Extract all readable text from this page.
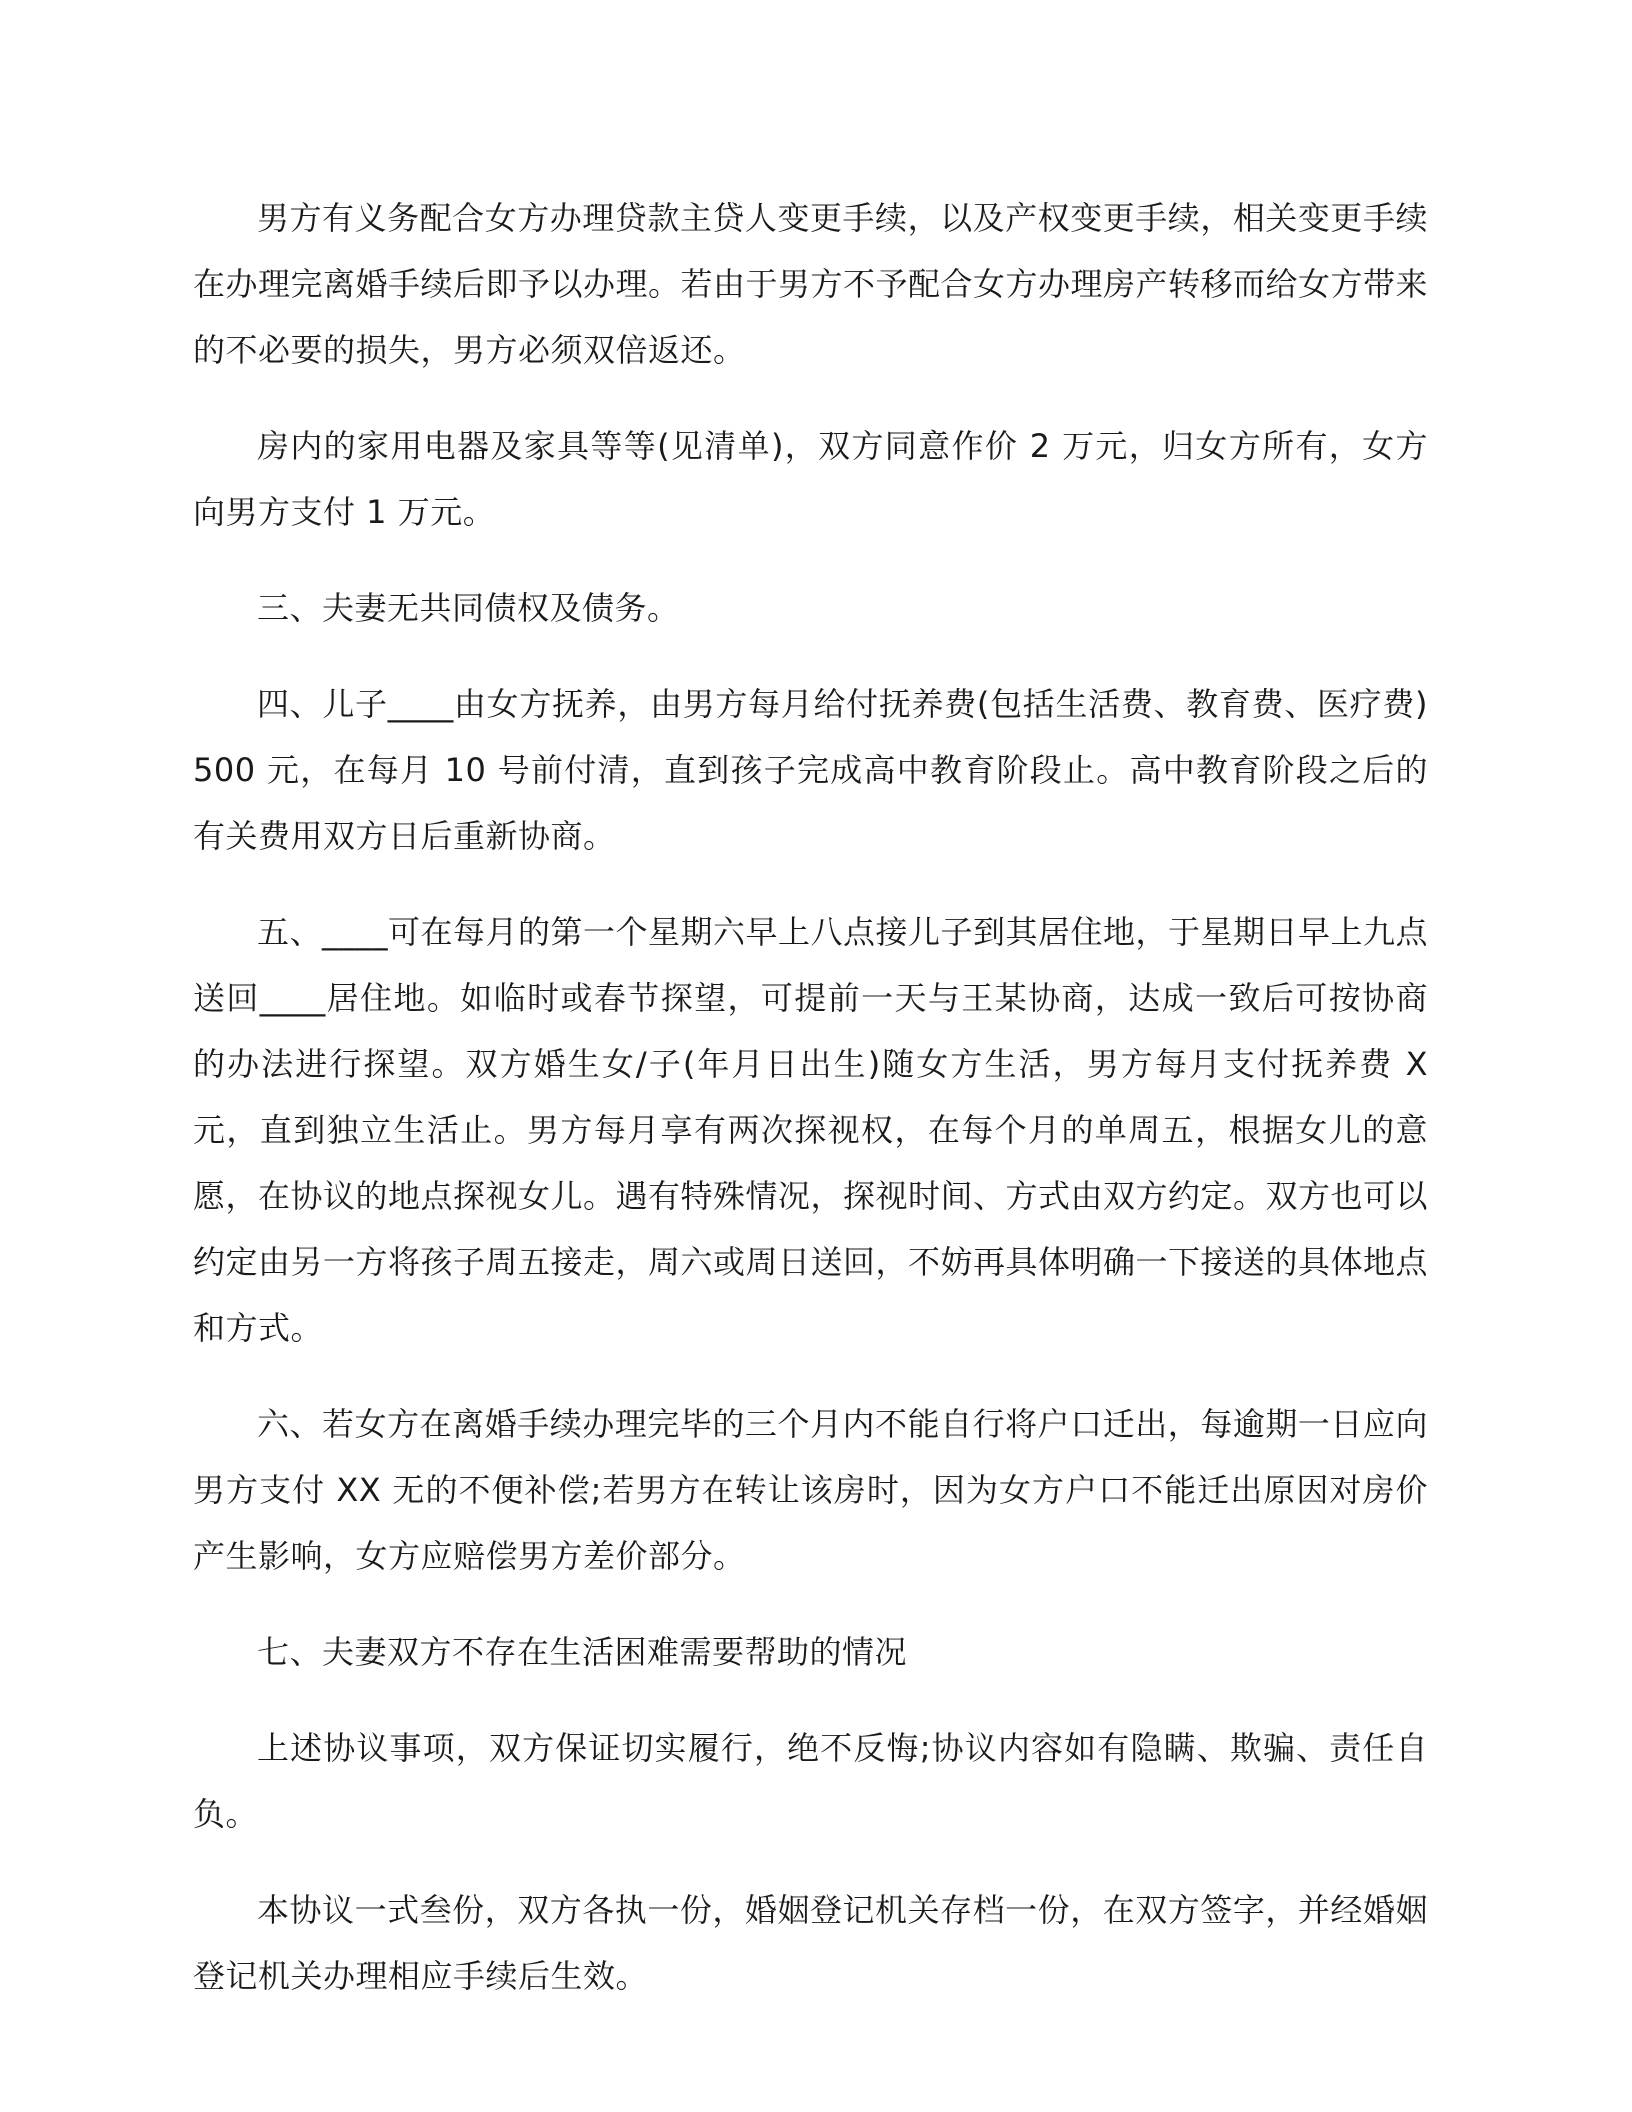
男方有义务配合女方办理贷款主贷人变更手续，以及产权变更手续，相关变更手续在办理完离婚手续后即予以办理。若由于男方不予配合女方办理房产转移而给女方带来的不必要的损失，男方必须双倍返还。

房内的家用电器及家具等等(见清单)，双方同意作价 2 万元，归女方所有，女方向男方支付 1 万元。

三、夫妻无共同债权及债务。

四、儿子____由女方抚养，由男方每月给付抚养费(包括生活费、教育费、医疗费)500 元，在每月 10 号前付清，直到孩子完成高中教育阶段止。高中教育阶段之后的有关费用双方日后重新协商。

五、____可在每月的第一个星期六早上八点接儿子到其居住地，于星期日早上九点送回____居住地。如临时或春节探望，可提前一天与王某协商，达成一致后可按协商的办法进行探望。双方婚生女/子(年月日出生)随女方生活，男方每月支付抚养费 X 元，直到独立生活止。男方每月享有两次探视权，在每个月的单周五，根据女儿的意愿，在协议的地点探视女儿。遇有特殊情况，探视时间、方式由双方约定。双方也可以约定由另一方将孩子周五接走，周六或周日送回，不妨再具体明确一下接送的具体地点和方式。

六、若女方在离婚手续办理完毕的三个月内不能自行将户口迁出，每逾期一日应向男方支付 XX 无的不便补偿;若男方在转让该房时，因为女方户口不能迁出原因对房价产生影响，女方应赔偿男方差价部分。

七、夫妻双方不存在生活困难需要帮助的情况

上述协议事项，双方保证切实履行，绝不反悔;协议内容如有隐瞒、欺骗、责任自负。

本协议一式叁份，双方各执一份，婚姻登记机关存档一份，在双方签字，并经婚姻登记机关办理相应手续后生效。
